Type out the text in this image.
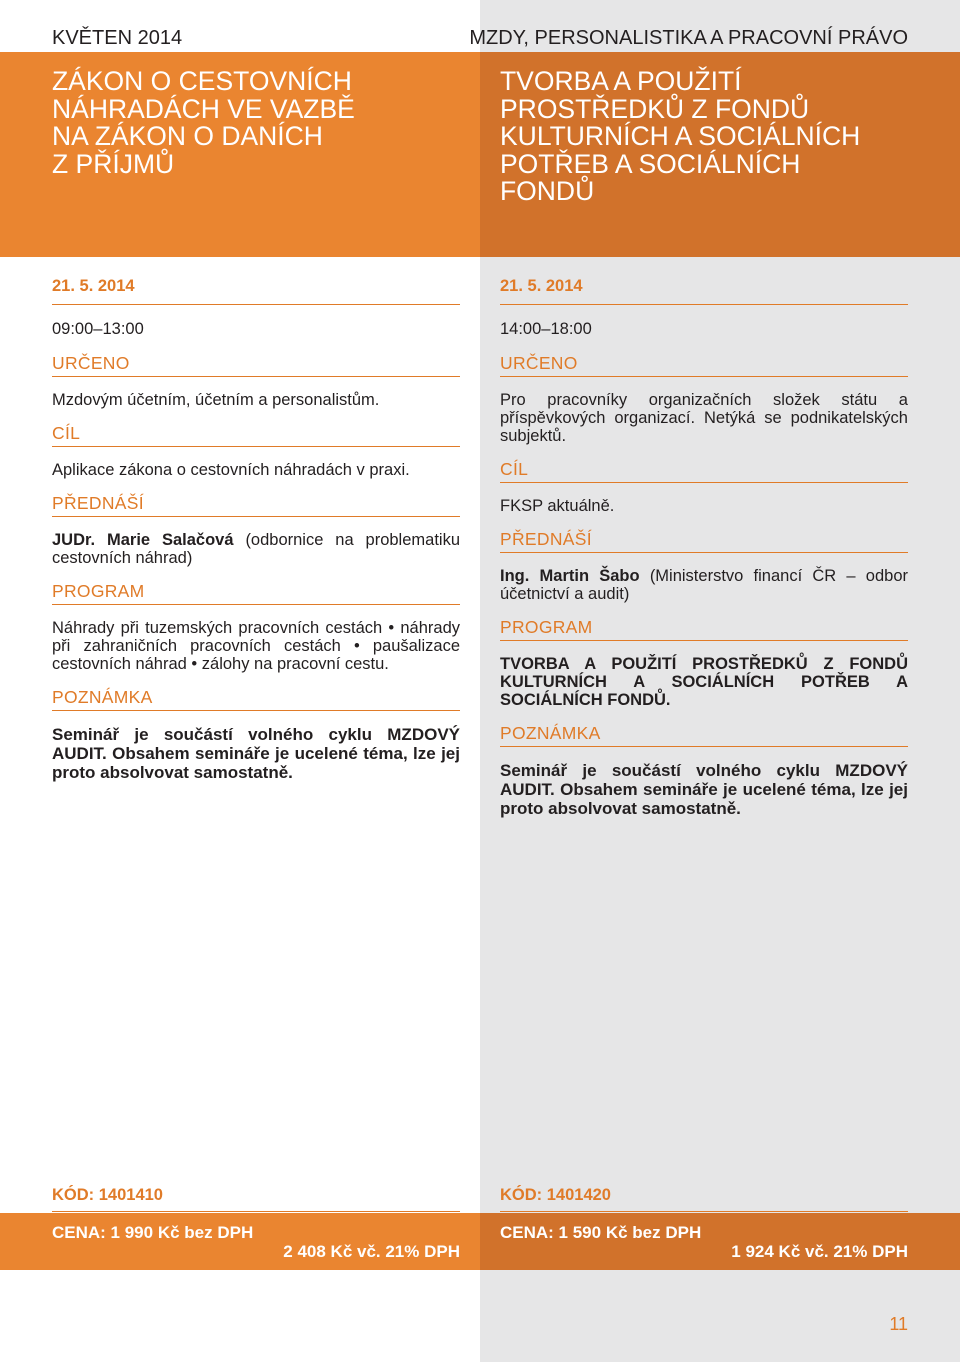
KVĚTEN 2014	MZDY, PERSONALISTIKA A PRACOVNÍ PRÁVO
ZÁKON O CESTOVNÍCH
NÁHRADÁCH VE VAZBĚ
NA ZÁKON O DANÍCH
Z PŘÍJMŮ
TVORBA A POUŽITÍ
PROSTŘEDKŮ Z FONDŮ
KULTURNÍCH A SOCIÁLNÍCH
POTŘEB A SOCIÁLNÍCH
FONDŮ
21. 5. 2014
09:00–13:00
URČENO
Mzdovým účetním, účetním a personalistům.
CÍL
Aplikace zákona o cestovních náhradách v praxi.
PŘEDNÁŠÍ
JUDr. Marie Salačová (odbornice na problematiku cestovních náhrad)
PROGRAM
Náhrady při tuzemských pracovních cestách • náhrady při zahraničních pracovních cestách • paušalizace cestovních náhrad • zálohy na pracovní cestu.
POZNÁMKA
Seminář je součástí volného cyklu MZDOVÝ AUDIT. Obsahem semináře je ucelené téma, lze jej proto absolvovat samostatně.
21. 5. 2014
14:00–18:00
URČENO
Pro pracovníky organizačních složek státu a příspěvkových organizací. Netýká se podnikatelských subjektů.
CÍL
FKSP aktuálně.
PŘEDNÁŠÍ
Ing. Martin Šabo (Ministerstvo financí ČR – odbor účetnictví a audit)
PROGRAM
TVORBA A POUŽITÍ PROSTŘEDKŮ Z FONDŮ KULTURNÍCH A SOCIÁLNÍCH POTŘEB A SOCIÁLNÍCH FONDŮ.
POZNÁMKA
Seminář je součástí volného cyklu MZDOVÝ AUDIT. Obsahem semináře je ucelené téma, lze jej proto absolvovat samostatně.
KÓD: 1401410	KÓD: 1401420
CENA: 1 990 Kč bez DPH
2 408 Kč vč. 21% DPH
CENA: 1 590 Kč bez DPH
1 924 Kč vč. 21% DPH
11
